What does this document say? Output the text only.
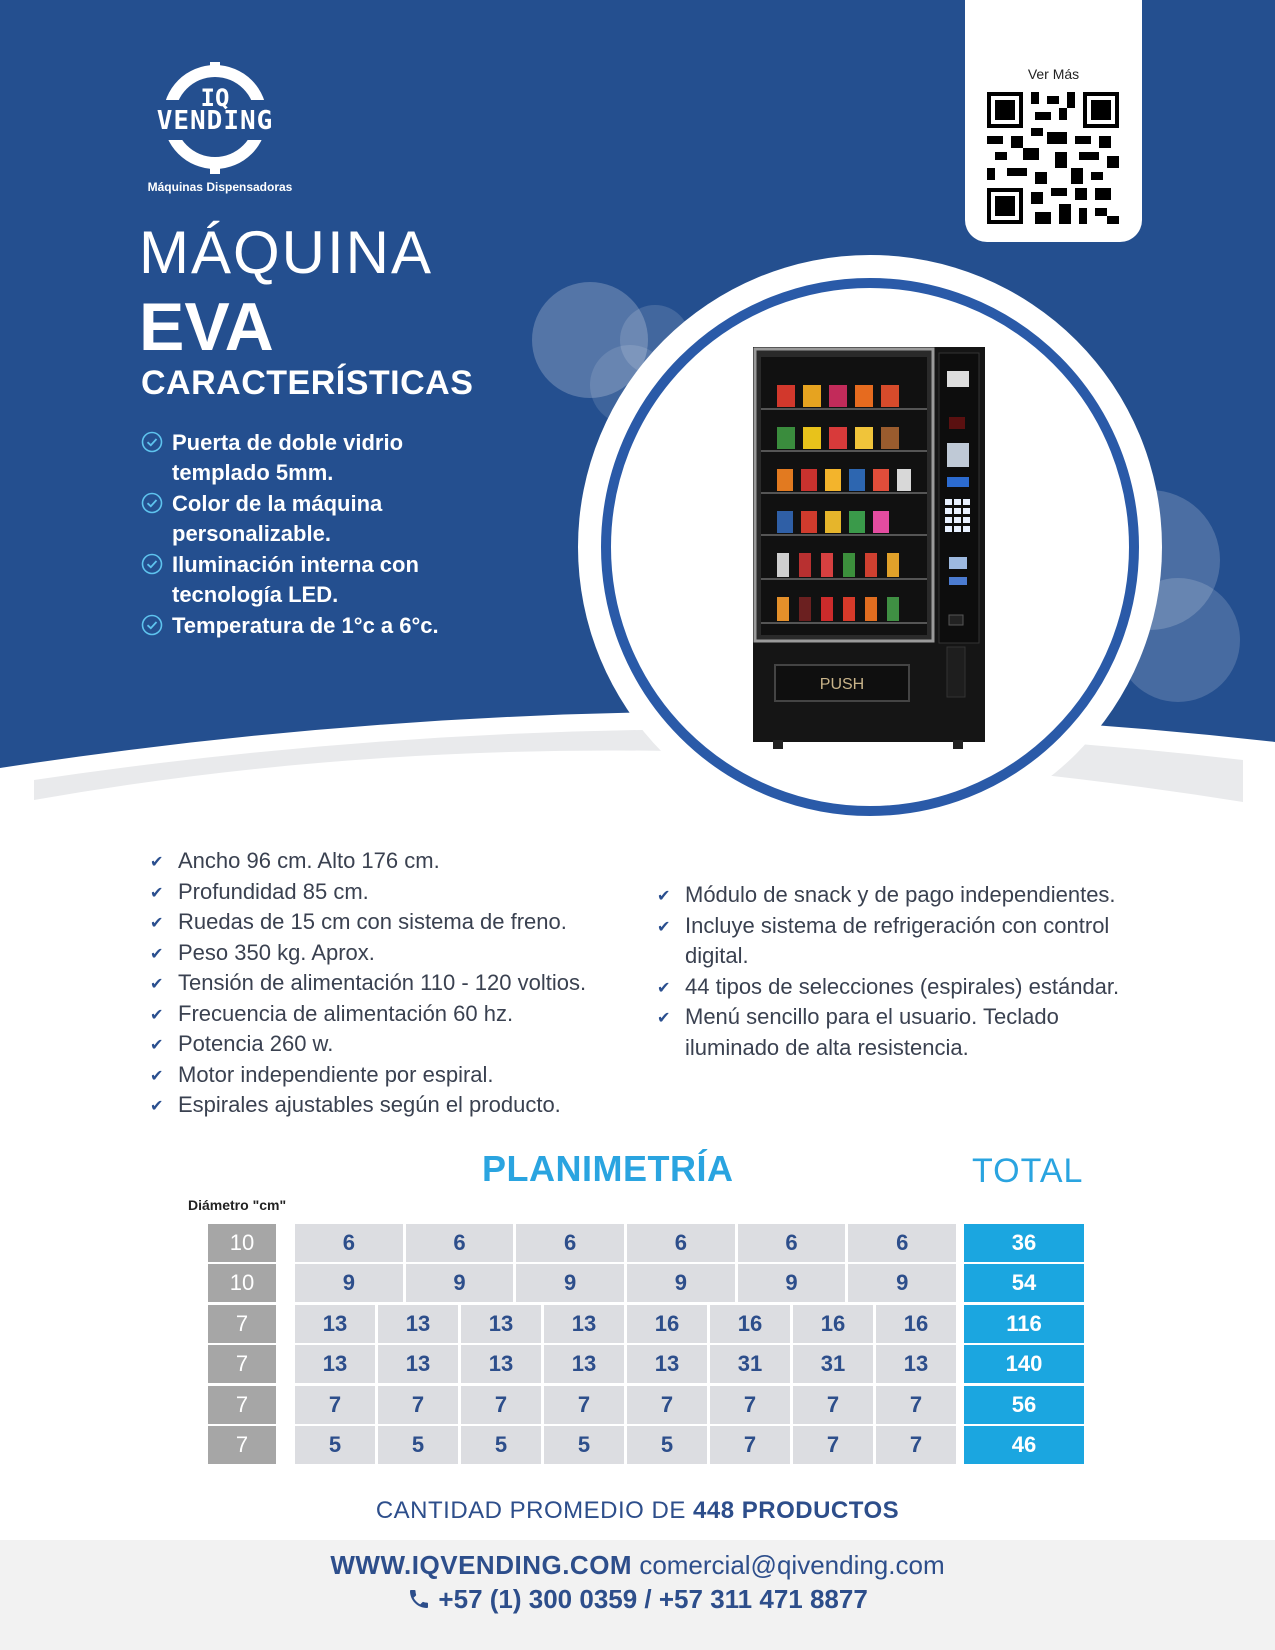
Ver Más
IQ
VENDING
Máquinas Dispensadoras
MÁQUINA
EVA
CARACTERÍSTICAS
Puerta de doble vidrio templado 5mm.
Color de la máquina personalizable.
Iluminación interna con tecnología LED.
Temperatura de 1°c a 6°c.
PUSH
✔ Ancho 96 cm. Alto 176 cm.
✔ Profundidad 85 cm.
✔ Ruedas de 15 cm con sistema de freno.
✔ Peso 350 kg. Aprox.
✔ Tensión de alimentación 110 - 120 voltios.
✔ Frecuencia de alimentación 60 hz.
✔ Potencia 260 w.
✔ Motor independiente por espiral.
✔ Espirales ajustables según el producto.
✔ Módulo de snack y de pago independientes.
✔ Incluye sistema de refrigeración con control digital.
✔ 44 tipos de selecciones (espirales) estándar.
✔ Menú sencillo para el usuario. Teclado iluminado de alta resistencia.
PLANIMETRÍA	TOTAL
Diámetro "cm"
10	6	6	6	6	6	6	36
10	9	9	9	9	9	9	54
7	13	13	13	13	16	16	16	16	116
7	13	13	13	13	13	31	31	13	140
7	7	7	7	7	7	7	7	7	56
7	5	5	5	5	5	7	7	7	46
CANTIDAD PROMEDIO DE 448 PRODUCTOS
WWW.IQVENDING.COM comercial@qivending.com
+57 (1) 300 0359 / +57 311 471 8877
